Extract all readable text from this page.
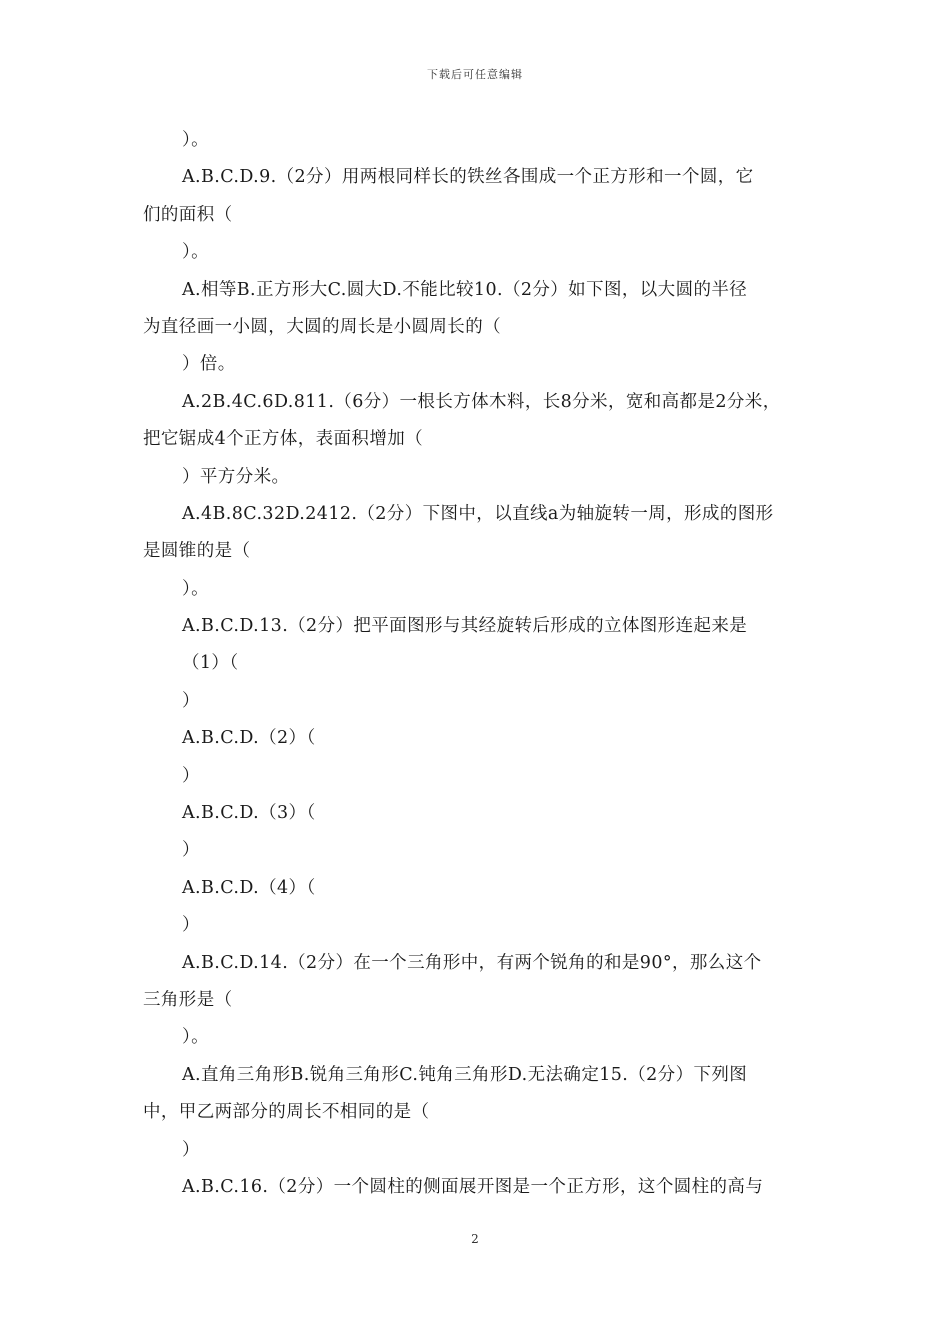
下载后可任意编辑
）。
A.B.C.D.9.（2分）用两根同样长的铁丝各围成一个正方形和一个圆，它
们的面积（
）。
A.相等B.正方形大C.圆大D.不能比较10.（2分）如下图，以大圆的半径
为直径画一小圆，大圆的周长是小圆周长的（
）倍。
A.2B.4C.6D.811.（6分）一根长方体木料，长8分米，宽和高都是2分米，
把它锯成4个正方体，表面积增加（
）平方分米。
A.4B.8C.32D.2412.（2分）下图中，以直线a为轴旋转一周，形成的图形
是圆锥的是（
）。
A.B.C.D.13.（2分）把平面图形与其经旋转后形成的立体图形连起来是
（1）（
）
A.B.C.D.（2）（
）
A.B.C.D.（3）（
）
A.B.C.D.（4）（
）
A.B.C.D.14.（2分）在一个三角形中，有两个锐角的和是90°，那么这个
三角形是（
）。
A.直角三角形B.锐角三角形C.钝角三角形D.无法确定15.（2分）下列图
中，甲乙两部分的周长不相同的是（
）
A.B.C.16.（2分）一个圆柱的侧面展开图是一个正方形，这个圆柱的高与
2
